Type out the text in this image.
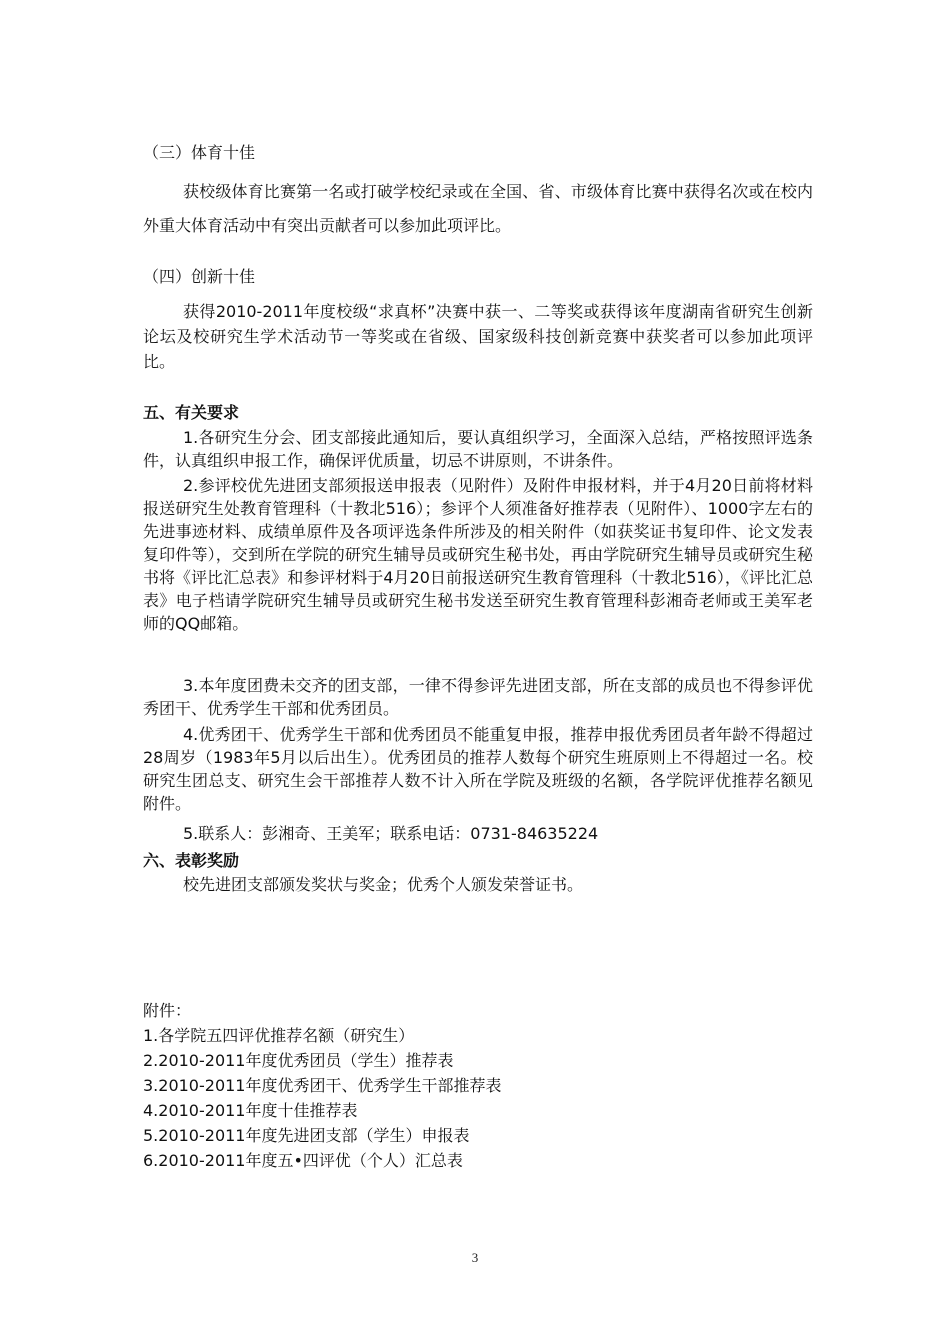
（三）体育十佳
获校级体育比赛第一名或打破学校纪录或在全国、省、市级体育比赛中获得名次或在校内外重大体育活动中有突出贡献者可以参加此项评比。
（四）创新十佳
获得2010-2011年度校级“求真杯”决赛中获一、二等奖或获得该年度湖南省研究生创新论坛及校研究生学术活动节一等奖或在省级、国家级科技创新竞赛中获奖者可以参加此项评比。
五、有关要求
1.各研究生分会、团支部接此通知后，要认真组织学习，全面深入总结，严格按照评选条件，认真组织申报工作，确保评优质量，切忌不讲原则，不讲条件。
2.参评校优先进团支部须报送申报表（见附件）及附件申报材料，并于4月20日前将材料报送研究生处教育管理科（十教北516）；参评个人须准备好推荐表（见附件）、1000字左右的先进事迹材料、成绩单原件及各项评选条件所涉及的相关附件（如获奖证书复印件、论文发表复印件等），交到所在学院的研究生辅导员或研究生秘书处，再由学院研究生辅导员或研究生秘书将《评比汇总表》和参评材料于4月20日前报送研究生教育管理科（十教北516），《评比汇总表》电子档请学院研究生辅导员或研究生秘书发送至研究生教育管理科彭湘奇老师或王美军老师的QQ邮箱。
3.本年度团费未交齐的团支部，一律不得参评先进团支部，所在支部的成员也不得参评优秀团干、优秀学生干部和优秀团员。
4.优秀团干、优秀学生干部和优秀团员不能重复申报，推荐申报优秀团员者年龄不得超过28周岁（1983年5月以后出生）。优秀团员的推荐人数每个研究生班原则上不得超过一名。校研究生团总支、研究生会干部推荐人数不计入所在学院及班级的名额，各学院评优推荐名额见附件。
5.联系人：彭湘奇、王美军；联系电话：0731-84635224
六、表彰奖励
校先进团支部颁发奖状与奖金；优秀个人颁发荣誉证书。
附件：
1.各学院五四评优推荐名额（研究生）
2.2010-2011年度优秀团员（学生）推荐表
3.2010-2011年度优秀团干、优秀学生干部推荐表
4.2010-2011年度十佳推荐表
5.2010-2011年度先进团支部（学生）申报表
6.2010-2011年度五•四评优（个人）汇总表
3
